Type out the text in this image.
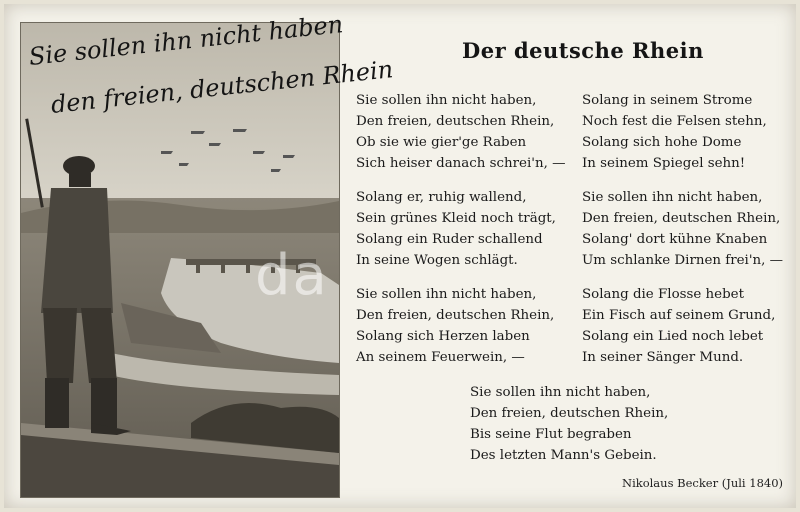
Sie sollen ihn nicht haben
den freien, deutschen Rhein
da
Der deutsche Rhein
Sie sollen ihn nicht haben,
Den freien, deutschen Rhein,
Ob sie wie gier'ge Raben
Sich heiser danach schrei'n, —
Solang er, ruhig wallend,
Sein grünes Kleid noch trägt,
Solang ein Ruder schallend
In seine Wogen schlägt.
Sie sollen ihn nicht haben,
Den freien, deutschen Rhein,
Solang sich Herzen laben
An seinem Feuerwein, —
Solang in seinem Strome
Noch fest die Felsen stehn,
Solang sich hohe Dome
In seinem Spiegel sehn!
Sie sollen ihn nicht haben,
Den freien, deutschen Rhein,
Solang' dort kühne Knaben
Um schlanke Dirnen frei'n, —
Solang die Flosse hebet
Ein Fisch auf seinem Grund,
Solang ein Lied noch lebet
In seiner Sänger Mund.
Sie sollen ihn nicht haben,
Den freien, deutschen Rhein,
Bis seine Flut begraben
Des letzten Mann's Gebein.
Nikolaus Becker (Juli 1840)
